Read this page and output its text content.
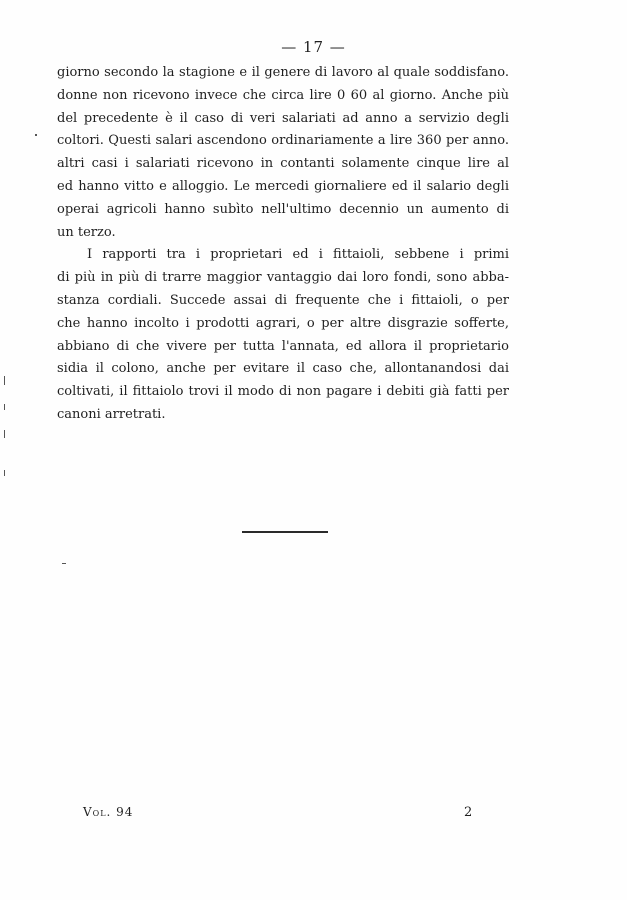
— 17 —
giorno secondo la stagione e il genere di lavoro al quale soddisfano.
donne non ricevono invece che circa lire 0 60 al giorno. Anche più
del precedente è il caso di veri salariati ad anno a servizio degli
coltori. Questi salari ascendono ordinariamente a lire 360 per anno.
altri casi i salariati ricevono in contanti solamente cinque lire al
ed hanno vitto e alloggio. Le mercedi giornaliere ed il salario degli
operai agricoli hanno subìto nell'ultimo decennio un aumento di
un terzo.
I rapporti tra i proprietari ed i fittaioli, sebbene i primi
di più in più di trarre maggior vantaggio dai loro fondi, sono abba-
stanza cordiali. Succede assai di frequente che i fittaioli, o per
che hanno incolto i prodotti agrari, o per altre disgrazie sofferte,
abbiano di che vivere per tutta l'annata, ed allora il proprietario
sidia il colono, anche per evitare il caso che, allontanandosi dai
coltivati, il fittaiolo trovi il modo di non pagare i debiti già fatti per
canoni arretrati.
Vol. 94	2
